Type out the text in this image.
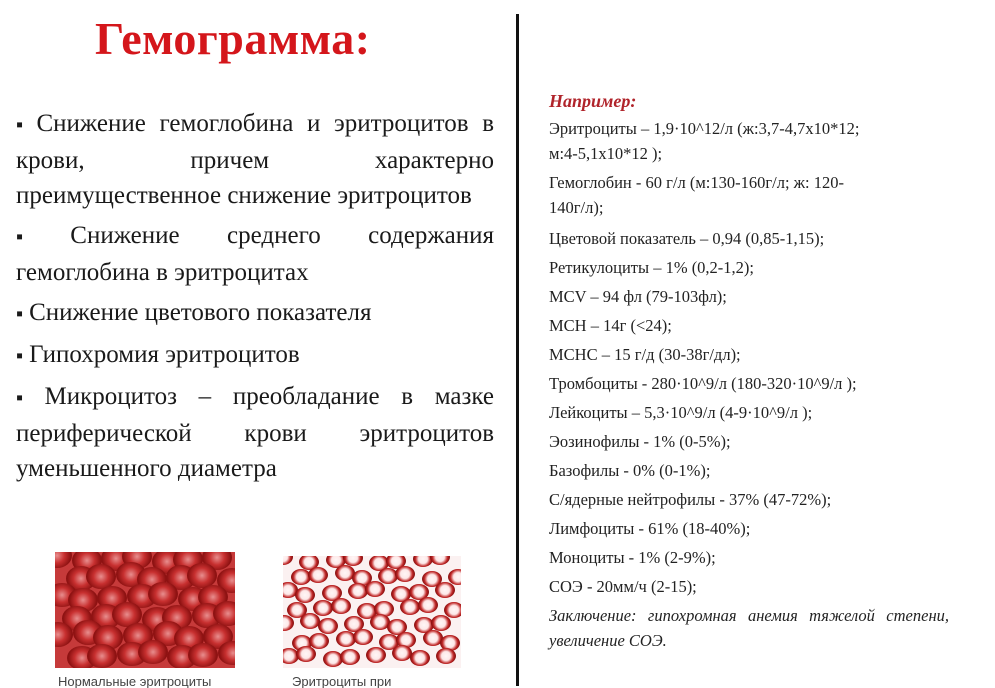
Гемограмма:
▪ Снижение гемоглобина и эритроцитов в крови, причем характерно преимущественное снижение эритроцитов
▪ Снижение среднего содержания гемоглобина в эритроцитах
▪ Снижение цветового показателя
▪ Гипохромия эритроцитов
▪ Микроцитоз – преобладание в мазке периферической крови эритроцитов уменьшенного диаметра
Например:
Эритроциты – 1,9·10^12/л (ж:3,7-4,7х10*12;
м:4-5,1х10*12 );
Гемоглобин - 60 г/л (м:130-160г/л; ж: 120-
140г/л);
Цветовой показатель – 0,94 (0,85-1,15);
Ретикулоциты – 1% (0,2-1,2);
MCV – 94 фл (79-103фл);
MCH – 14г (<24);
MCHC – 15 г/д (30-38г/дл);
Тромбоциты - 280·10^9/л (180-320·10^9/л );
Лейкоциты – 5,3·10^9/л (4-9·10^9/л );
Эозинофилы - 1% (0-5%);
Базофилы - 0% (0-1%);
С/ядерные нейтрофилы - 37% (47-72%);
Лимфоциты - 61% (18-40%);
Моноциты - 1% (2-9%);
СОЭ - 20мм/ч (2-15);
Заключение: гипохромная анемия тяжелой степени, увеличение СОЭ.
Нормальные эритроциты	Эритроциты при
